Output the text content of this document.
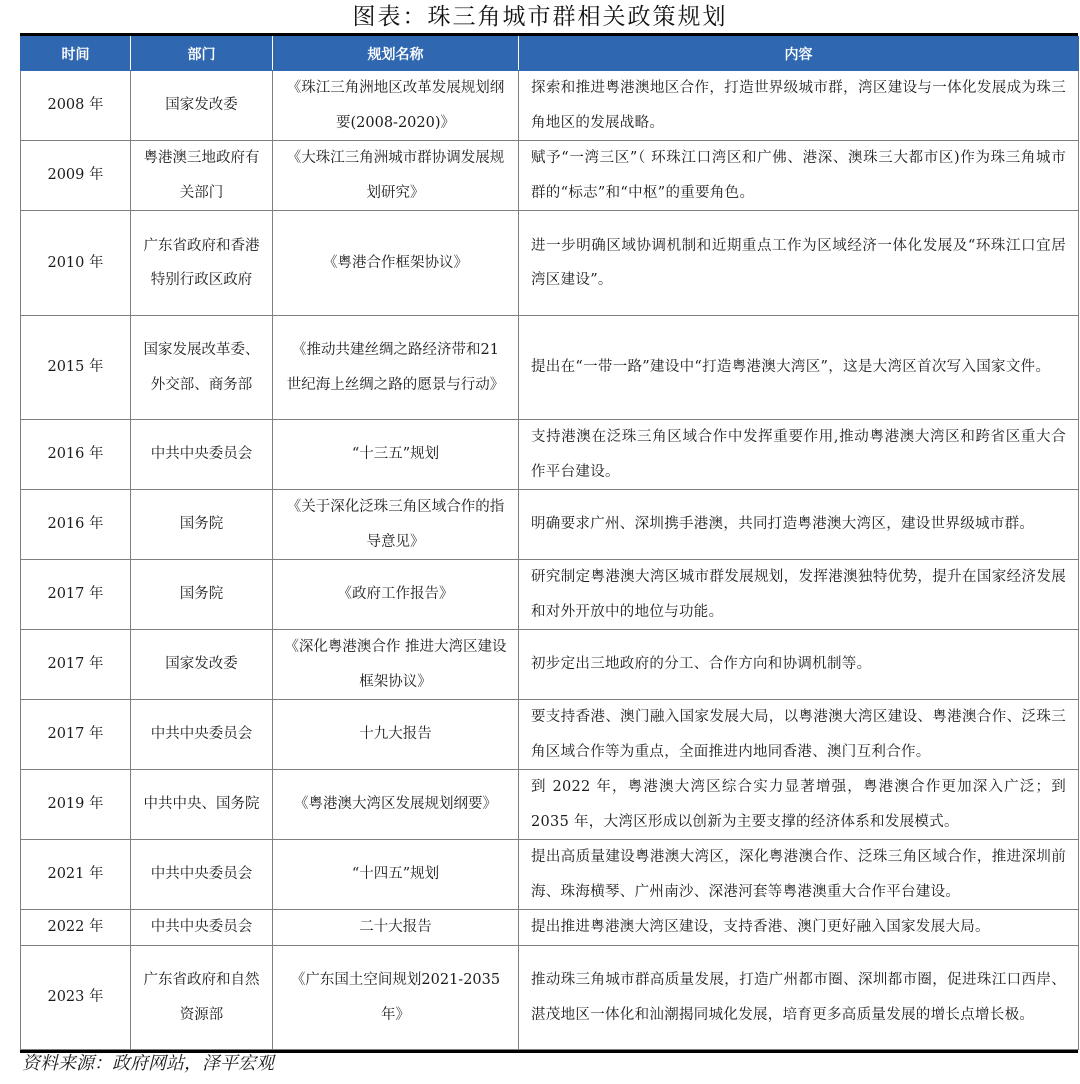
图表：珠三角城市群相关政策规划
时间	部门	规划名称	内容
2008 年	国家发改委	《珠江三角洲地区改革发展规划纲要(2008-2020)》	探索和推进粤港澳地区合作，打造世界级城市群，湾区建设与一体化发展成为珠三角地区的发展战略。
2009 年	粤港澳三地政府有关部门	《大珠江三角洲城市群协调发展规划研究》	赋予“一湾三区”（ 环珠江口湾区和广佛、港深、澳珠三大都市区)作为珠三角城市群的“标志”和“中枢”的重要角色。
2010 年	广东省政府和香港特别行政区政府	《粤港合作框架协议》	进一步明确区域协调机制和近期重点工作为区域经济一体化发展及“环珠江口宜居湾区建设”。
2015 年	国家发展改革委、外交部、商务部	《推动共建丝绸之路经济带和21 世纪海上丝绸之路的愿景与行动》	提出在“一带一路”建设中“打造粤港澳大湾区”，这是大湾区首次写入国家文件。
2016 年	中共中央委员会	“十三五”规划	支持港澳在泛珠三角区域合作中发挥重要作用,推动粤港澳大湾区和跨省区重大合作平台建设。
2016 年	国务院	《关于深化泛珠三角区域合作的指导意见》	明确要求广州、深圳携手港澳，共同打造粤港澳大湾区，建设世界级城市群。
2017 年	国务院	《政府工作报告》	研究制定粤港澳大湾区城市群发展规划，发挥港澳独特优势，提升在国家经济发展和对外开放中的地位与功能。
2017 年	国家发改委	《深化粤港澳合作 推进大湾区建设框架协议》	初步定出三地政府的分工、合作方向和协调机制等。
2017 年	中共中央委员会	十九大报告	要支持香港、澳门融入国家发展大局，以粤港澳大湾区建设、粤港澳合作、泛珠三角区域合作等为重点，全面推进内地同香港、澳门互利合作。
2019 年	中共中央、国务院	《粤港澳大湾区发展规划纲要》	到 2022 年，粤港澳大湾区综合实力显著增强，粤港澳合作更加深入广泛；到 2035 年，大湾区形成以创新为主要支撑的经济体系和发展模式。
2021 年	中共中央委员会	“十四五”规划	提出高质量建设粤港澳大湾区，深化粤港澳合作、泛珠三角区域合作，推进深圳前海、珠海横琴、广州南沙、深港河套等粤港澳重大合作平台建设。
2022 年	中共中央委员会	二十大报告	提出推进粤港澳大湾区建设，支持香港、澳门更好融入国家发展大局。
2023 年	广东省政府和自然资源部	《广东国土空间规划2021-2035 年》	推动珠三角城市群高质量发展，打造广州都市圈、深圳都市圈，促进珠江口西岸、湛茂地区一体化和汕潮揭同城化发展，培育更多高质量发展的增长点增长极。
资料来源：政府网站，泽平宏观
